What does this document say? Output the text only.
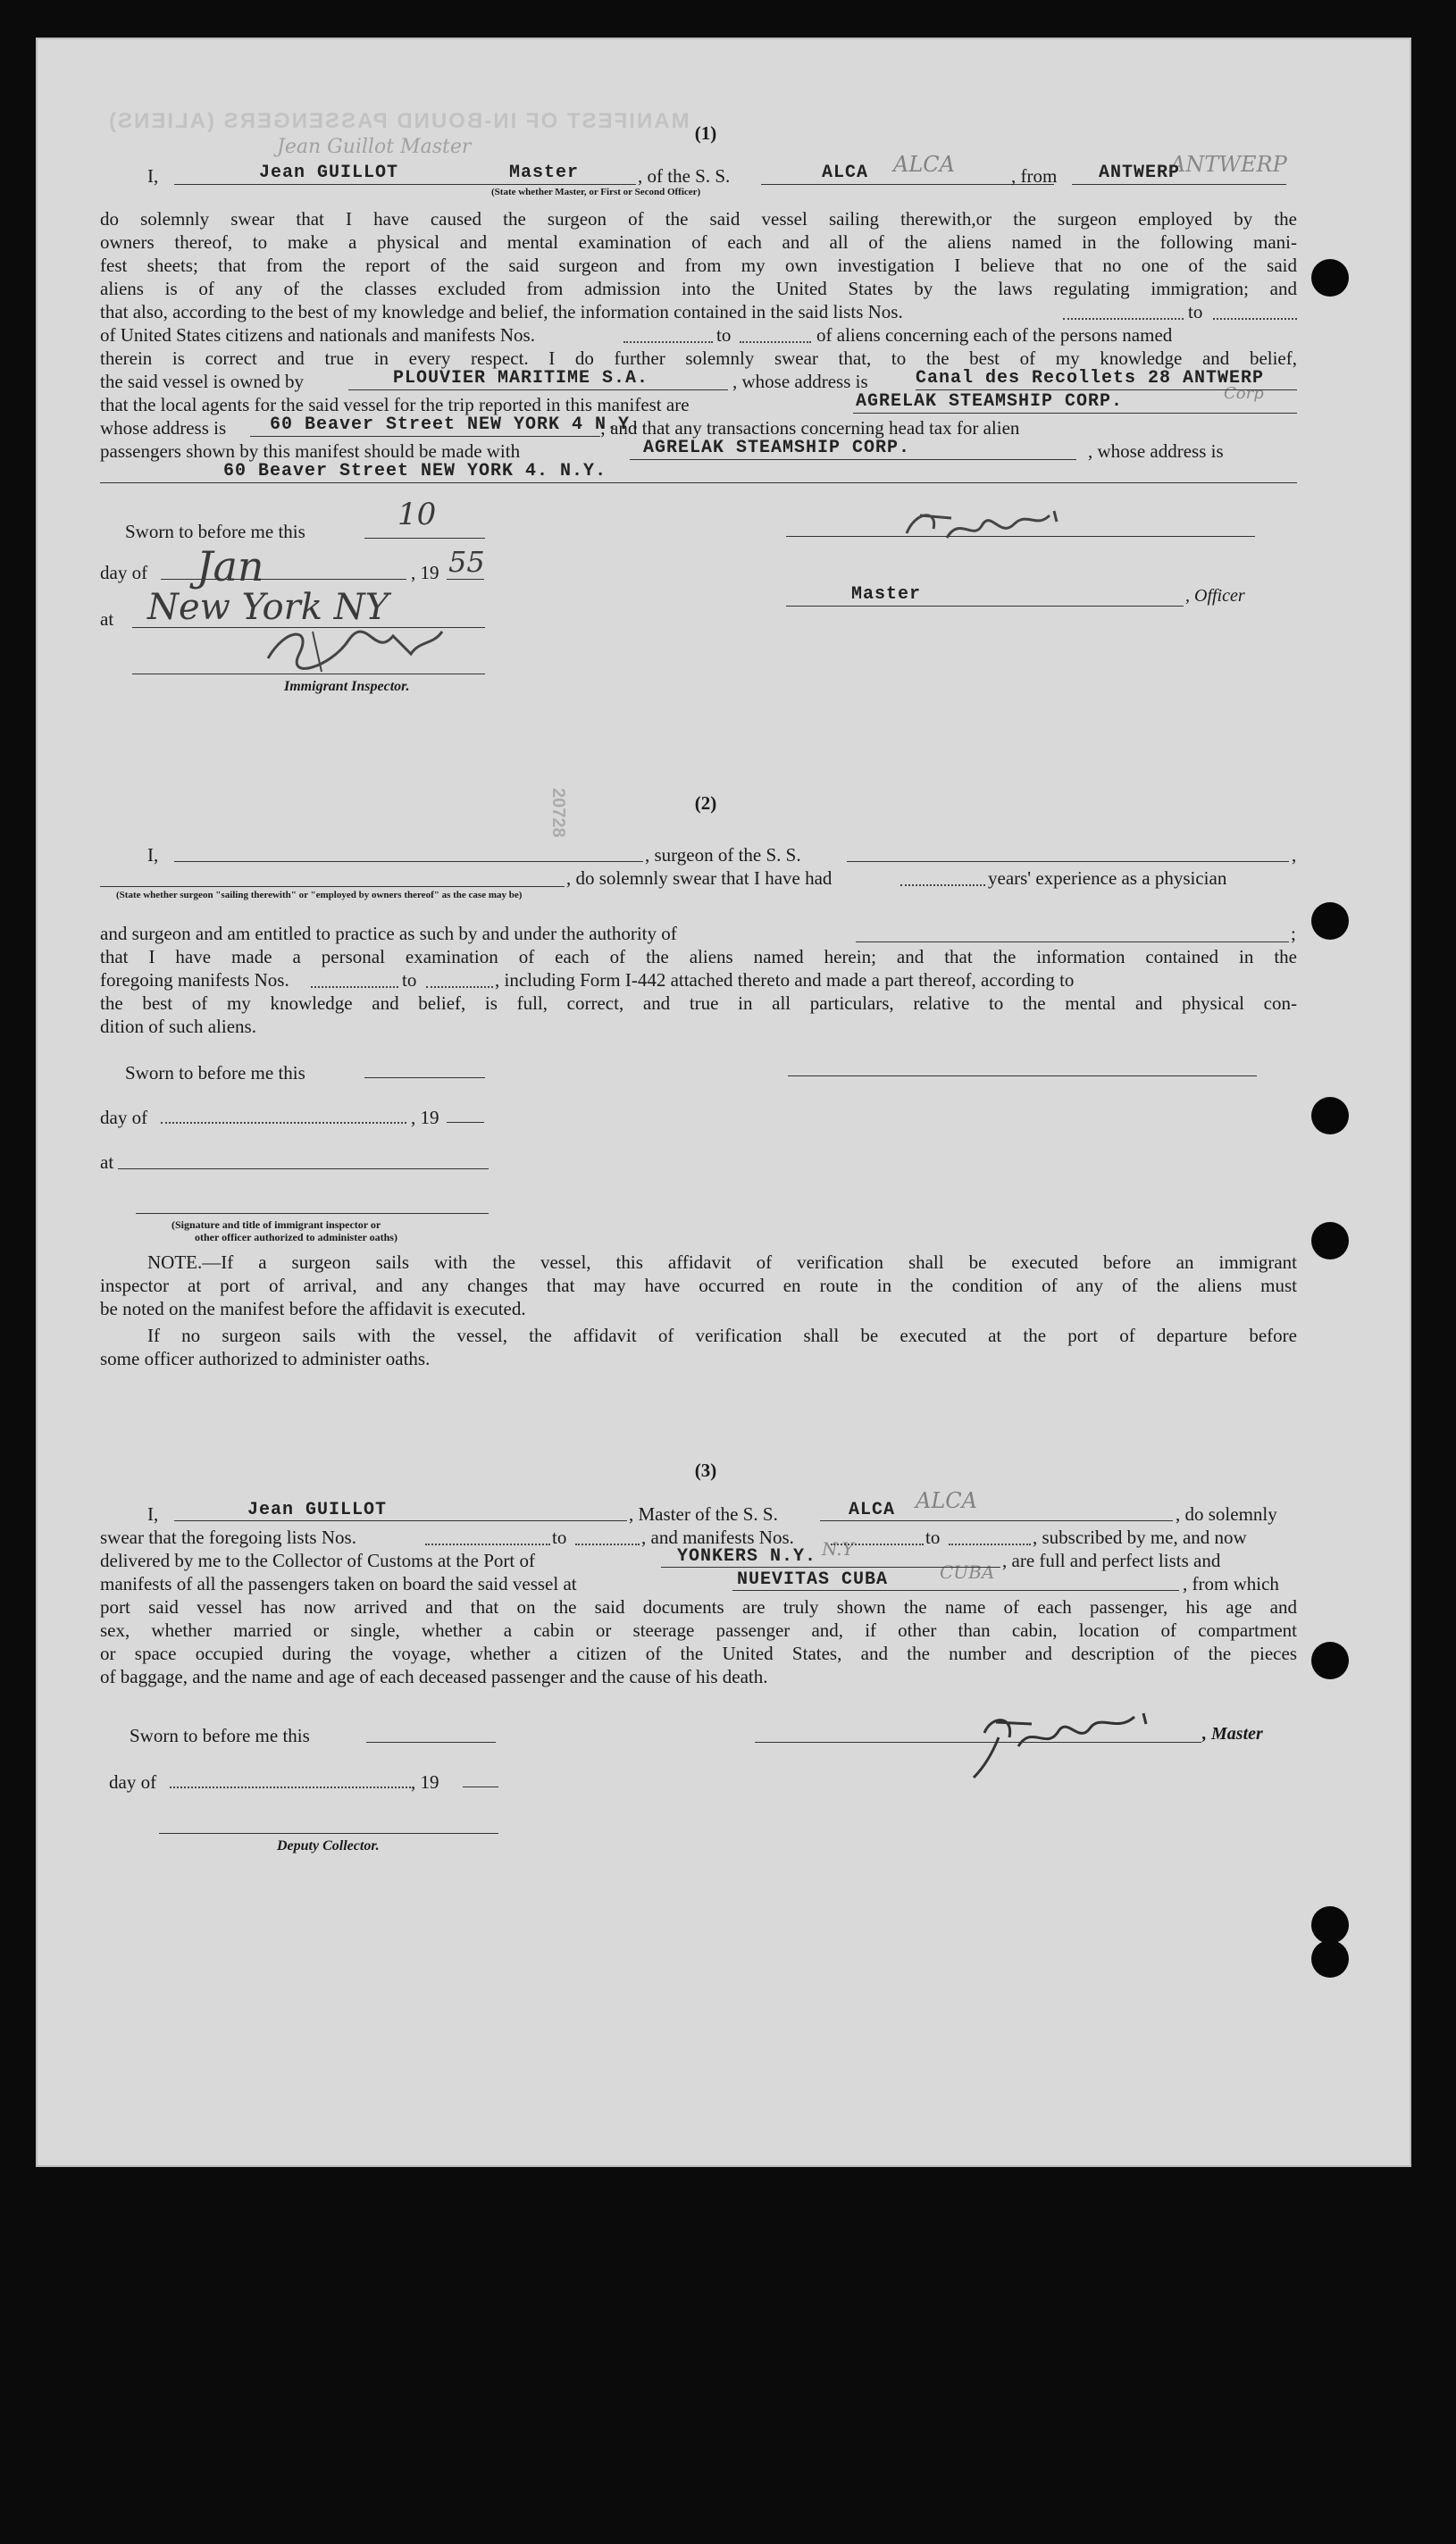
MANIFEST OF IN-BOUND PASSENGERS (ALIENS)
Jean Guillot Master
(1)
I,	Jean GUILLOT	Master	, of the S. S.	ALCA ALCA	, from ANTWERP
ANTWERP
(State whether Master, or First or Second Officer)
do solemnly swear that I have caused the surgeon of the said vessel sailing therewith,or the surgeon employed by the
owners thereof, to make a physical and mental examination of each and all of the aliens named in the following mani-
fest sheets; that from the report of the said surgeon and from my own investigation I believe that no one of the said
aliens is of any of the classes excluded from admission into the United States by the laws regulating immigration; and
that also, according to the best of my knowledge and belief, the information contained in the said lists Nos.	to
of United States citizens and nationals and manifests Nos.	to	of aliens concerning each of the persons named
therein is correct and true in every respect. I do further solemnly swear that, to the best of my knowledge and belief,
the said vessel is owned by	PLOUVIER MARITIME S.A.	, whose address is	Canal des Recollets 28 ANTWERP
that the local agents for the said vessel for the trip reported in this manifest are	AGRELAK STEAMSHIP CORP.	Corp
whose address is 60 Beaver Street NEW YORK 4 N.Y.
; and that any transactions concerning head tax for alien
passengers shown by this manifest should be made with	AGRELAK STEAMSHIP CORP.	, whose address is
60 Beaver Street NEW YORK 4. N.Y.
Sworn to before me this	10
day of Jan	, 19 55
at New York NY
Immigrant Inspector.
Master	, Officer
20728	(2)
I,	, surgeon of the S. S.	,
, do solemnly swear that I have had	years' experience as a physician
(State whether surgeon "sailing therewith" or "employed by owners thereof" as the case may be)
and surgeon and am entitled to practice as such by and under the authority of	;
that I have made a personal examination of each of the aliens named herein; and that the information contained in the
foregoing manifests Nos.	to	, including Form I-442 attached thereto and made a part thereof, according to
the best of my knowledge and belief, is full, correct, and true in all particulars, relative to the mental and physical con-
dition of such aliens.
Sworn to before me this
day of	, 19
at
(Signature and title of immigrant inspector or
other officer authorized to administer oaths)
NOTE.—If a surgeon sails with the vessel, this affidavit of verification shall be executed before an immigrant
inspector at port of arrival, and any changes that may have occurred en route in the condition of any of the aliens must
be noted on the manifest before the affidavit is executed.
If no surgeon sails with the vessel, the affidavit of verification shall be executed at the port of departure before
some officer authorized to administer oaths.
(3)
I,	Jean GUILLOT	, Master of the S. S.	ALCA ALCA
, do solemnly
swear that the foregoing lists Nos.	to	, and manifests Nos.	to	, subscribed by me, and now
delivered by me to the Collector of Customs at the Port of	YONKERS N.Y. N.Y
, are full and perfect lists and
manifests of all the passengers taken on board the said vessel at	NUEVITAS CUBA	CUBA
, from which
port said vessel has now arrived and that on the said documents are truly shown the name of each passenger, his age and
sex, whether married or single, whether a cabin or steerage passenger and, if other than cabin, location of compartment
or space occupied during the voyage, whether a citizen of the United States, and the number and description of the pieces
of baggage, and the name and age of each deceased passenger and the cause of his death.
Sworn to before me this
day of	, 19
Deputy Collector.
, Master
